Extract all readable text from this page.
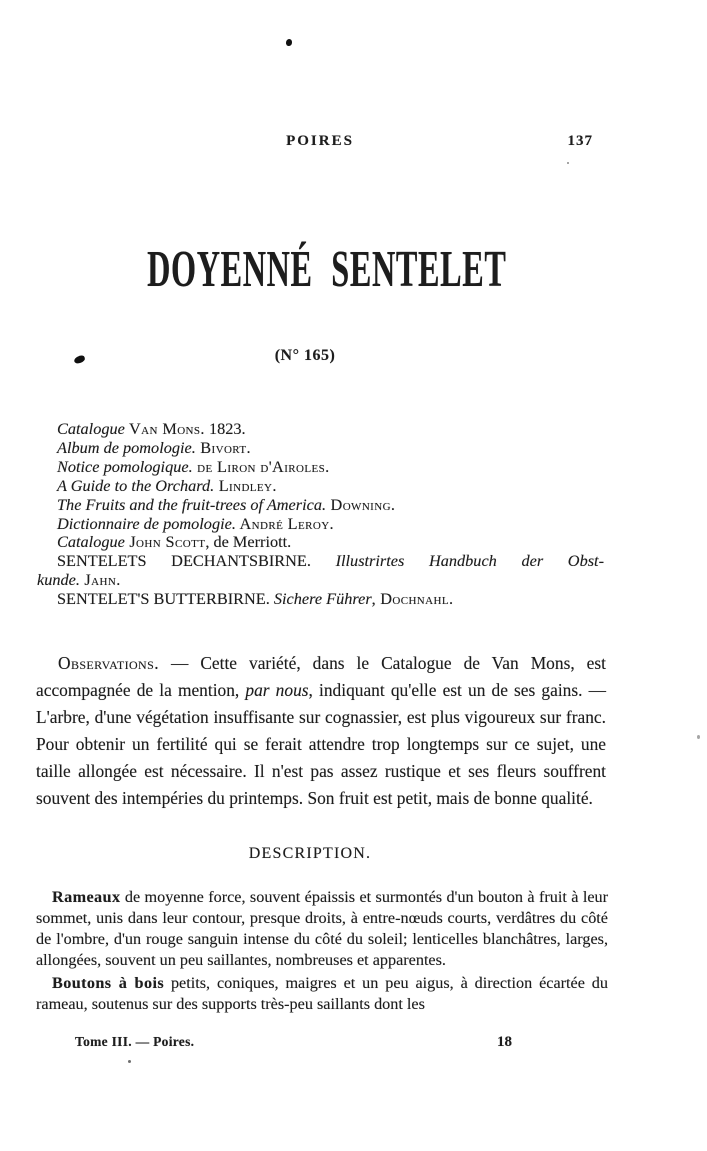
POIRES	137
DOYENNÉ SENTELET
(N° 165)
Catalogue Van Mons. 1823.
Album de pomologie. Bivort.
Notice pomologique. de Liron d'Airoles.
A Guide to the Orchard. Lindley.
The Fruits and the fruit-trees of America. Downing.
Dictionnaire de pomologie. André Leroy.
Catalogue John Scott, de Merriott.
SENTELETS DECHANTSBIRNE. Illustrirtes Handbuch der Obst-
kunde. Jahn.
SENTELET'S BUTTERBIRNE. Sichere Führer, Dochnahl.

Observations. — Cette variété, dans le Catalogue de Van Mons, est accompagnée de la mention, par nous, indiquant qu'elle est un de ses gains. — L'arbre, d'une végétation insuffisante sur cognassier, est plus vigoureux sur franc. Pour obtenir un fertilité qui se ferait attendre trop longtemps sur ce sujet, une taille allongée est nécessaire. Il n'est pas assez rustique et ses fleurs souffrent souvent des intempéries du printemps. Son fruit est petit, mais de bonne qualité.

DESCRIPTION.

Rameaux de moyenne force, souvent épaissis et surmontés d'un bouton à fruit à leur sommet, unis dans leur contour, presque droits, à entre-nœuds courts, verdâtres du côté de l'ombre, d'un rouge sanguin intense du côté du soleil; lenticelles blanchâtres, larges, allongées, souvent un peu saillantes, nombreuses et apparentes.

Boutons à bois petits, coniques, maigres et un peu aigus, à direction écartée du rameau, soutenus sur des supports très-peu saillants dont les

Tome III. — Poires.	18
